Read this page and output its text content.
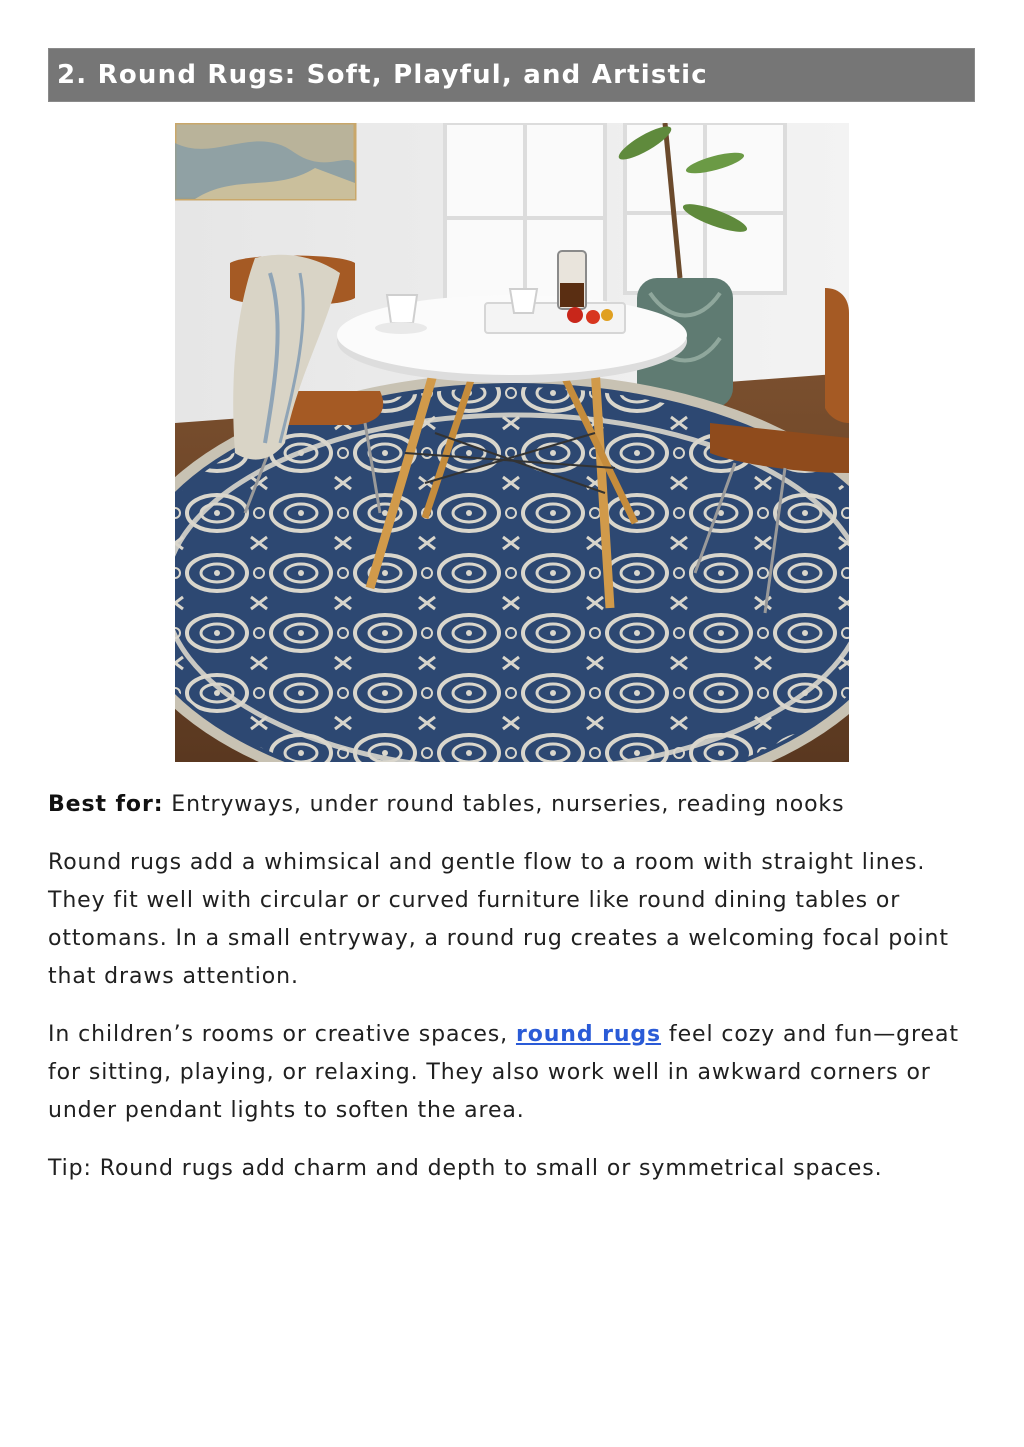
2. Round Rugs: Soft, Playful, and Artistic

Best for: Entryways, under round tables, nurseries, reading nooks

Round rugs add a whimsical and gentle flow to a room with straight lines. They fit well with circular or curved furniture like round dining tables or ottomans. In a small entryway, a round rug creates a welcoming focal point that draws attention.

In children’s rooms or creative spaces, round rugs feel cozy and fun—great for sitting, playing, or relaxing. They also work well in awkward corners or under pendant lights to soften the area.

Tip: Round rugs add charm and depth to small or symmetrical spaces.
